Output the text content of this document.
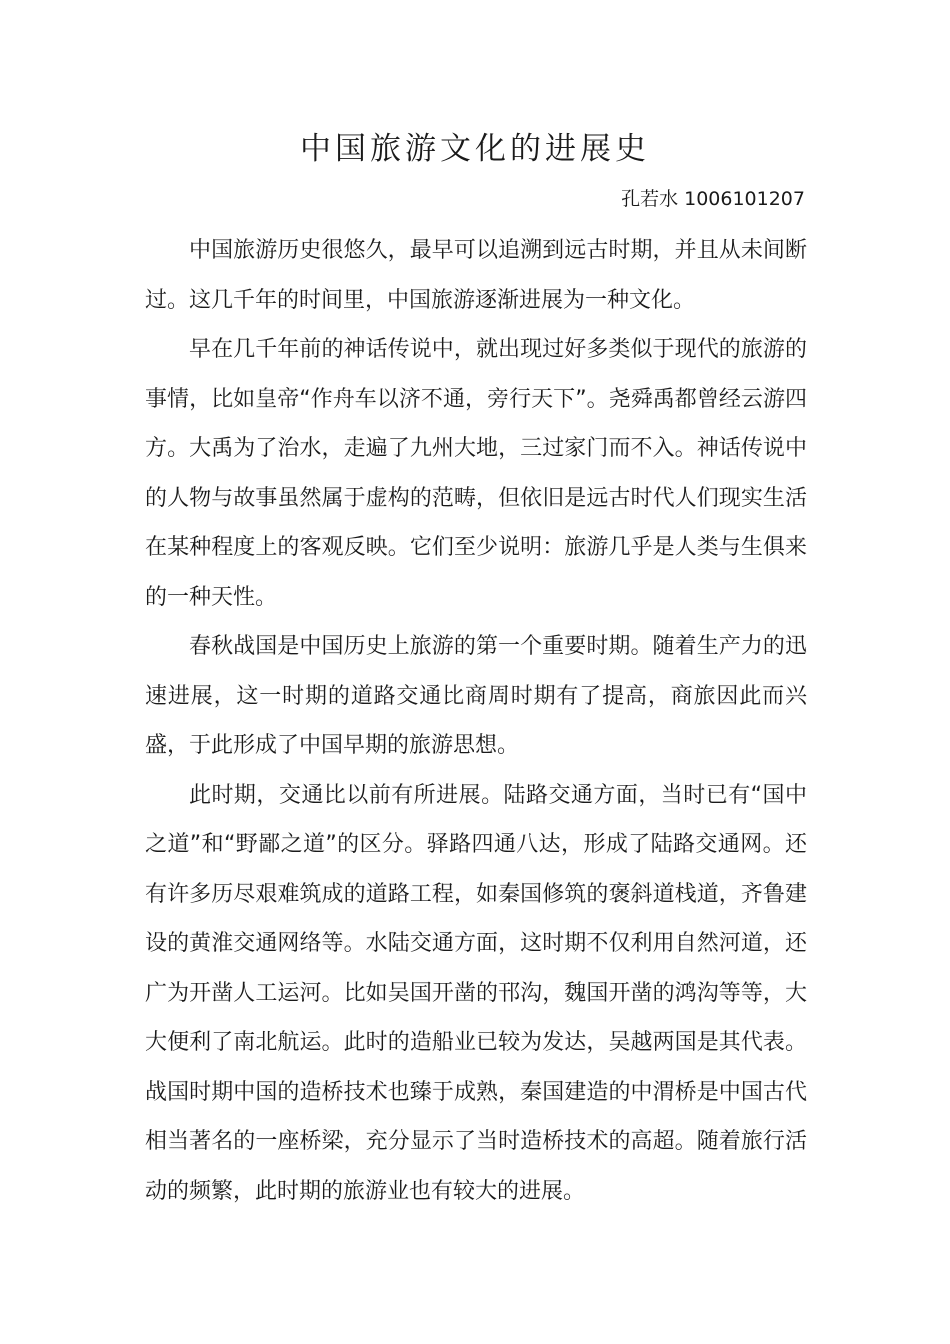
中国旅游文化的进展史
孔若水 1006101207

中国旅游历史很悠久，最早可以追溯到远古时期，并且从未间断过。这几千年的时间里，中国旅游逐渐进展为一种文化。

早在几千年前的神话传说中，就出现过好多类似于现代的旅游的事情，比如皇帝“作舟车以济不通，旁行天下”。尧舜禹都曾经云游四方。大禹为了治水，走遍了九州大地，三过家门而不入。神话传说中的人物与故事虽然属于虚构的范畴，但依旧是远古时代人们现实生活在某种程度上的客观反映。它们至少说明：旅游几乎是人类与生俱来的一种天性。

春秋战国是中国历史上旅游的第一个重要时期。随着生产力的迅速进展，这一时期的道路交通比商周时期有了提高，商旅因此而兴盛，于此形成了中国早期的旅游思想。

此时期，交通比以前有所进展。陆路交通方面，当时已有“国中之道”和“野鄙之道”的区分。驿路四通八达，形成了陆路交通网。还有许多历尽艰难筑成的道路工程，如秦国修筑的褒斜道栈道，齐鲁建设的黄淮交通网络等。水陆交通方面，这时期不仅利用自然河道，还广为开凿人工运河。比如吴国开凿的邗沟，魏国开凿的鸿沟等等，大大便利了南北航运。此时的造船业已较为发达，吴越两国是其代表。战国时期中国的造桥技术也臻于成熟，秦国建造的中渭桥是中国古代相当著名的一座桥梁，充分显示了当时造桥技术的高超。随着旅行活动的频繁，此时期的旅游业也有较大的进展。
